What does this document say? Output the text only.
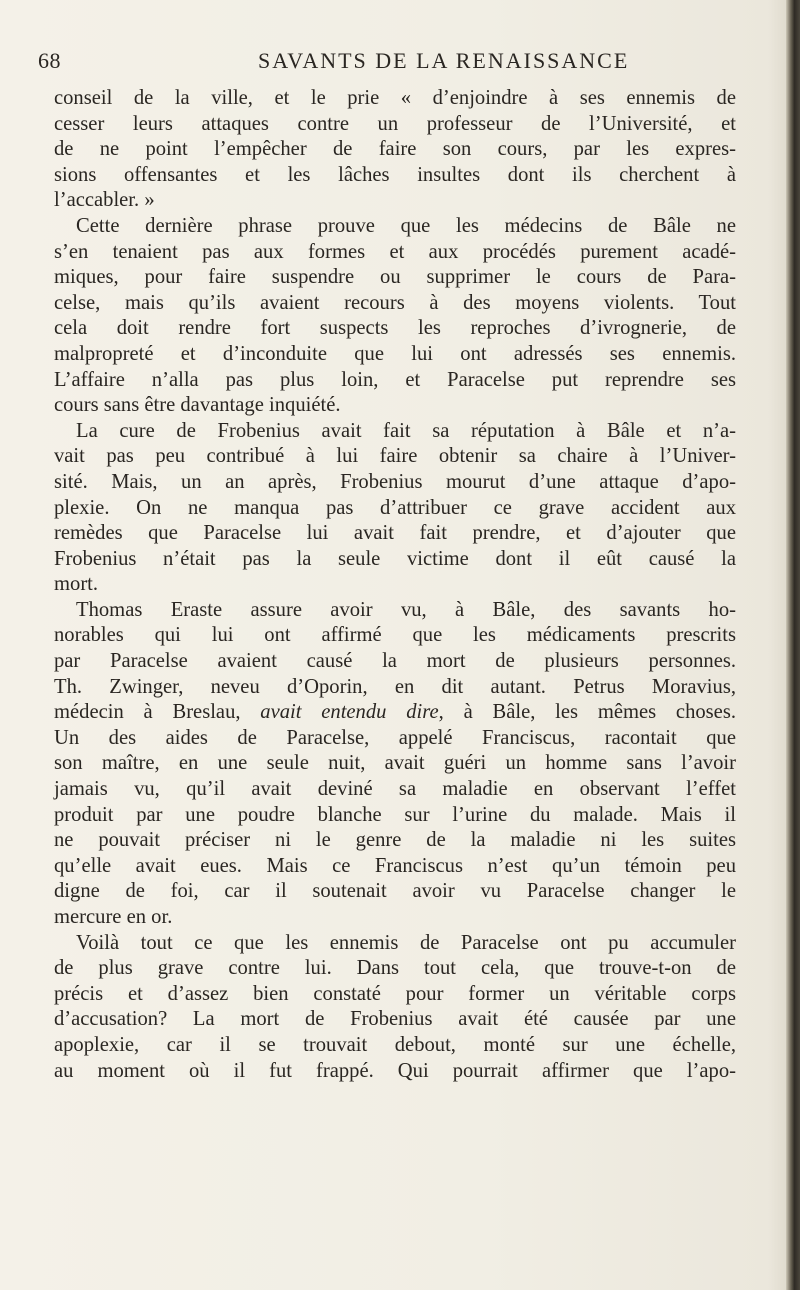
68	SAVANTS DE LA RENAISSANCE
conseil de la ville, et le prie « d’enjoindre à ses ennemis de
cesser leurs attaques contre un professeur de l’Université, et
de ne point l’empêcher de faire son cours, par les expres-
sions offensantes et les lâches insultes dont ils cherchent à
l’accabler. »
Cette dernière phrase prouve que les médecins de Bâle ne
s’en tenaient pas aux formes et aux procédés purement acadé-
miques, pour faire suspendre ou supprimer le cours de Para-
celse, mais qu’ils avaient recours à des moyens violents. Tout
cela doit rendre fort suspects les reproches d’ivrognerie, de
malpropreté et d’inconduite que lui ont adressés ses ennemis.
L’affaire n’alla pas plus loin, et Paracelse put reprendre ses
cours sans être davantage inquiété.
La cure de Frobenius avait fait sa réputation à Bâle et n’a-
vait pas peu contribué à lui faire obtenir sa chaire à l’Univer-
sité. Mais, un an après, Frobenius mourut d’une attaque d’apo-
plexie. On ne manqua pas d’attribuer ce grave accident aux
remèdes que Paracelse lui avait fait prendre, et d’ajouter que
Frobenius n’était pas la seule victime dont il eût causé la
mort.
Thomas Eraste assure avoir vu, à Bâle, des savants ho-
norables qui lui ont affirmé que les médicaments prescrits
par Paracelse avaient causé la mort de plusieurs personnes.
Th. Zwinger, neveu d’Oporin, en dit autant. Petrus Moravius,
médecin à Breslau, avait entendu dire, à Bâle, les mêmes choses.
Un des aides de Paracelse, appelé Franciscus, racontait que
son maître, en une seule nuit, avait guéri un homme sans l’avoir
jamais vu, qu’il avait deviné sa maladie en observant l’effet
produit par une poudre blanche sur l’urine du malade. Mais il
ne pouvait préciser ni le genre de la maladie ni les suites
qu’elle avait eues. Mais ce Franciscus n’est qu’un témoin peu
digne de foi, car il soutenait avoir vu Paracelse changer le
mercure en or.
Voilà tout ce que les ennemis de Paracelse ont pu accumuler
de plus grave contre lui. Dans tout cela, que trouve-t-on de
précis et d’assez bien constaté pour former un véritable corps
d’accusation? La mort de Frobenius avait été causée par une
apoplexie, car il se trouvait debout, monté sur une échelle,
au moment où il fut frappé. Qui pourrait affirmer que l’apo-
